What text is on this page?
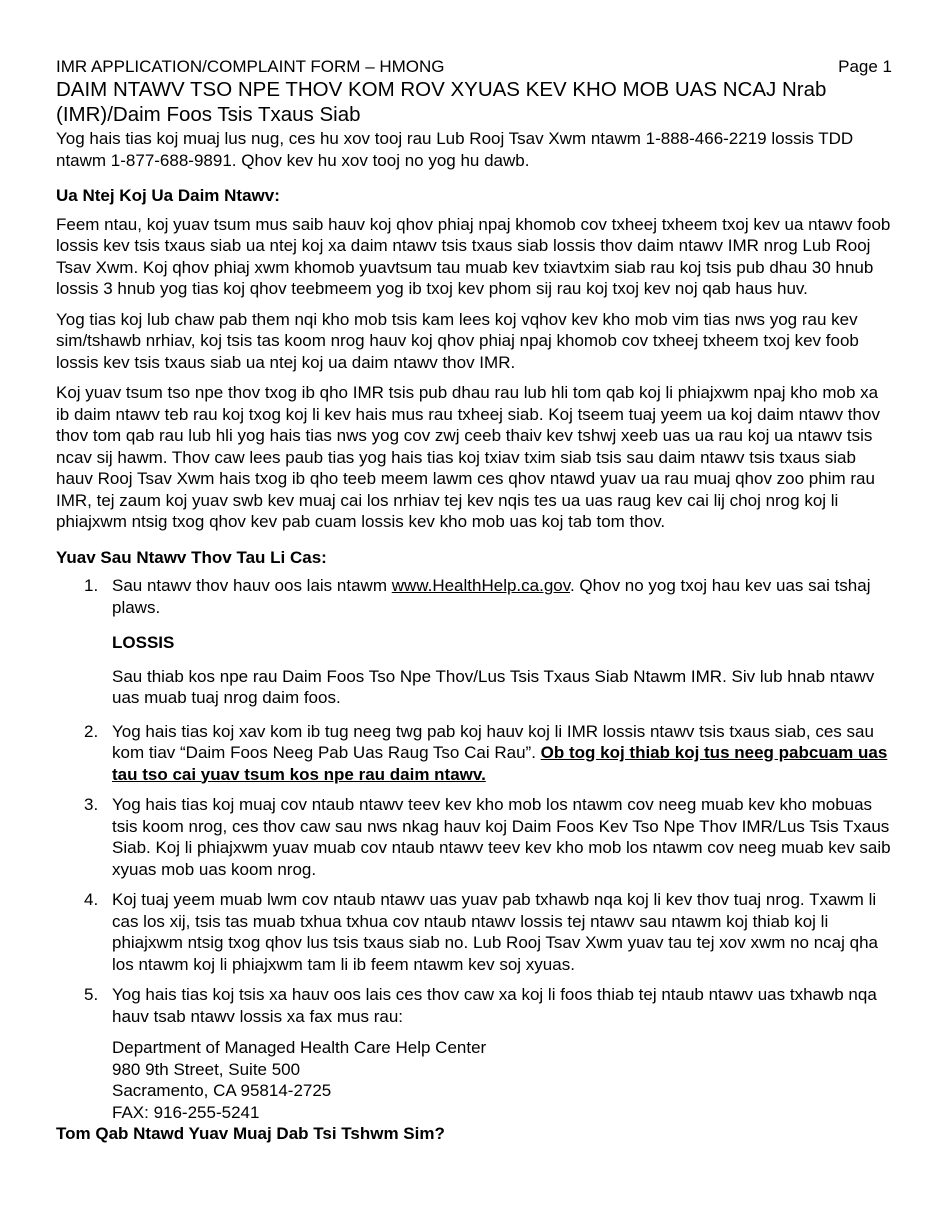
IMR APPLICATION/COMPLAINT FORM – HMONG	Page 1
DAIM NTAWV TSO NPE THOV KOM ROV XYUAS KEV KHO MOB UAS NCAJ Nrab (IMR)/Daim Foos Tsis Txaus Siab

Yog hais tias koj muaj lus nug, ces hu xov tooj rau Lub Rooj Tsav Xwm ntawm 1-888-466-2219 lossis TDD ntawm 1-877-688-9891. Qhov kev hu xov tooj no yog hu dawb.

Ua Ntej Koj Ua Daim Ntawv:

Feem ntau, koj yuav tsum mus saib hauv koj qhov phiaj npaj khomob cov txheej txheem txoj kev ua ntawv foob lossis kev tsis txaus siab ua ntej koj xa daim ntawv tsis txaus siab lossis thov daim ntawv IMR nrog Lub Rooj Tsav Xwm. Koj qhov phiaj xwm khomob yuavtsum tau muab kev txiavtxim siab rau koj tsis pub dhau 30 hnub lossis 3 hnub yog tias koj qhov teebmeem yog ib txoj kev phom sij rau koj txoj kev noj qab haus huv.

Yog tias koj lub chaw pab them nqi kho mob tsis kam lees koj vqhov kev kho mob vim tias nws yog rau kev sim/tshawb nrhiav, koj tsis tas koom nrog hauv koj qhov phiaj npaj khomob cov txheej txheem txoj kev foob lossis kev tsis txaus siab ua ntej koj ua daim ntawv thov IMR.

Koj yuav tsum tso npe thov txog ib qho IMR tsis pub dhau rau lub hli tom qab koj li phiajxwm npaj kho mob xa ib daim ntawv teb rau koj txog koj li kev hais mus rau txheej siab. Koj tseem tuaj yeem ua koj daim ntawv thov thov tom qab rau lub hli yog hais tias nws yog cov zwj ceeb thaiv kev tshwj xeeb uas ua rau koj ua ntawv tsis ncav sij hawm. Thov caw lees paub tias yog hais tias koj txiav txim siab tsis sau daim ntawv tsis txaus siab hauv Rooj Tsav Xwm hais txog ib qho teeb meem lawm ces qhov ntawd yuav ua rau muaj qhov zoo phim rau IMR, tej zaum koj yuav swb kev muaj cai los nrhiav tej kev nqis tes ua uas raug kev cai lij choj nrog koj li phiajxwm ntsig txog qhov kev pab cuam lossis kev kho mob uas koj tab tom thov.

Yuav Sau Ntawv Thov Tau Li Cas:

1. Sau ntawv thov hauv oos lais ntawm www.HealthHelp.ca.gov. Qhov no yog txoj hau kev uas sai tshaj plaws.

LOSSIS

Sau thiab kos npe rau Daim Foos Tso Npe Thov/Lus Tsis Txaus Siab Ntawm IMR. Siv lub hnab ntawv uas muab tuaj nrog daim foos.

2. Yog hais tias koj xav kom ib tug neeg twg pab koj hauv koj li IMR lossis ntawv tsis txaus siab, ces sau kom tiav “Daim Foos Neeg Pab Uas Raug Tso Cai Rau”. Ob tog koj thiab koj tus neeg pabcuam uas tau tso cai yuav tsum kos npe rau daim ntawv.
3. Yog hais tias koj muaj cov ntaub ntawv teev kev kho mob los ntawm cov neeg muab kev kho mobuas tsis koom nrog, ces thov caw sau nws nkag hauv koj Daim Foos Kev Tso Npe Thov IMR/Lus Tsis Txaus Siab. Koj li phiajxwm yuav muab cov ntaub ntawv teev kev kho mob los ntawm cov neeg muab kev saib xyuas mob uas koom nrog.
4. Koj tuaj yeem muab lwm cov ntaub ntawv uas yuav pab txhawb nqa koj li kev thov tuaj nrog. Txawm li cas los xij, tsis tas muab txhua txhua cov ntaub ntawv lossis tej ntawv sau ntawm koj thiab koj li phiajxwm ntsig txog qhov lus tsis txaus siab no. Lub Rooj Tsav Xwm yuav tau tej xov xwm no ncaj qha los ntawm koj li phiajxwm tam li ib feem ntawm kev soj xyuas.
5. Yog hais tias koj tsis xa hauv oos lais ces thov caw xa koj li foos thiab tej ntaub ntawv uas txhawb nqa hauv tsab ntawv lossis xa fax mus rau:
Department of Managed Health Care Help Center
980 9th Street, Suite 500
Sacramento, CA 95814-2725
FAX: 916-255-5241

Tom Qab Ntawd Yuav Muaj Dab Tsi Tshwm Sim?
